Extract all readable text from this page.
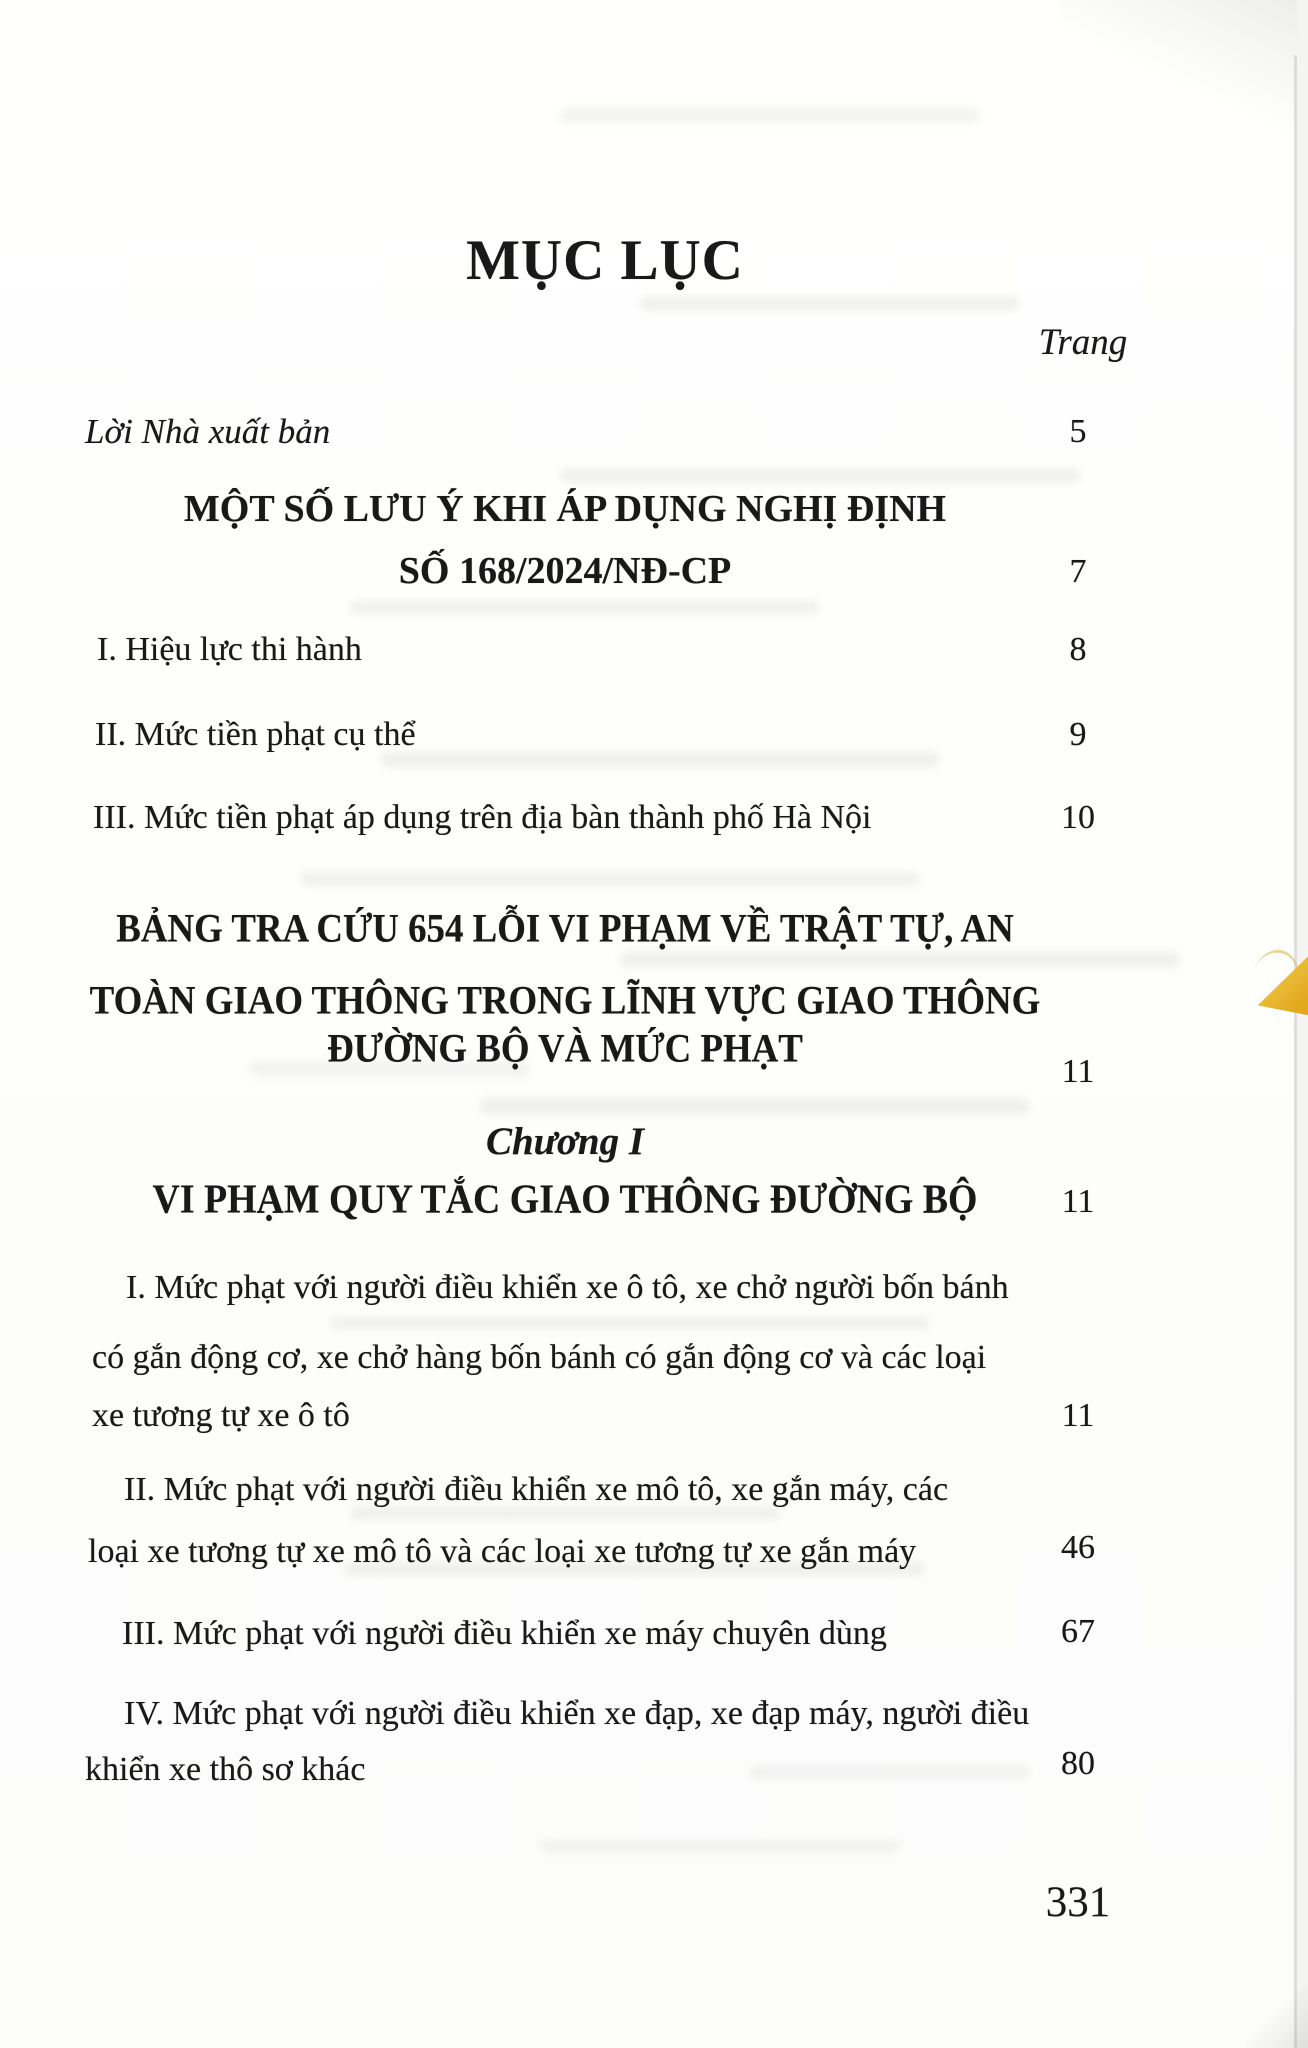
MỤC LỤC
Trang
Lời Nhà xuất bản	5
MỘT SỐ LƯU Ý KHI ÁP DỤNG NGHỊ ĐỊNH
SỐ 168/2024/NĐ-CP	7
I. Hiệu lực thi hành	8
II. Mức tiền phạt cụ thể	9
III. Mức tiền phạt áp dụng trên địa bàn thành phố Hà Nội	10
BẢNG TRA CỨU 654 LỖI VI PHẠM VỀ TRẬT TỰ, AN
TOÀN GIAO THÔNG TRONG LĨNH VỰC GIAO THÔNG
ĐƯỜNG BỘ VÀ MỨC PHẠT
11
Chương I
VI PHẠM QUY TẮC GIAO THÔNG ĐƯỜNG BỘ	11
I. Mức phạt với người điều khiển xe ô tô, xe chở người bốn bánh
có gắn động cơ, xe chở hàng bốn bánh có gắn động cơ và các loại
xe tương tự xe ô tô	11
II. Mức phạt với người điều khiển xe mô tô, xe gắn máy, các
loại xe tương tự xe mô tô và các loại xe tương tự xe gắn máy	46
III. Mức phạt với người điều khiển xe máy chuyên dùng	67
IV. Mức phạt với người điều khiển xe đạp, xe đạp máy, người điều
khiển xe thô sơ khác	80
331
